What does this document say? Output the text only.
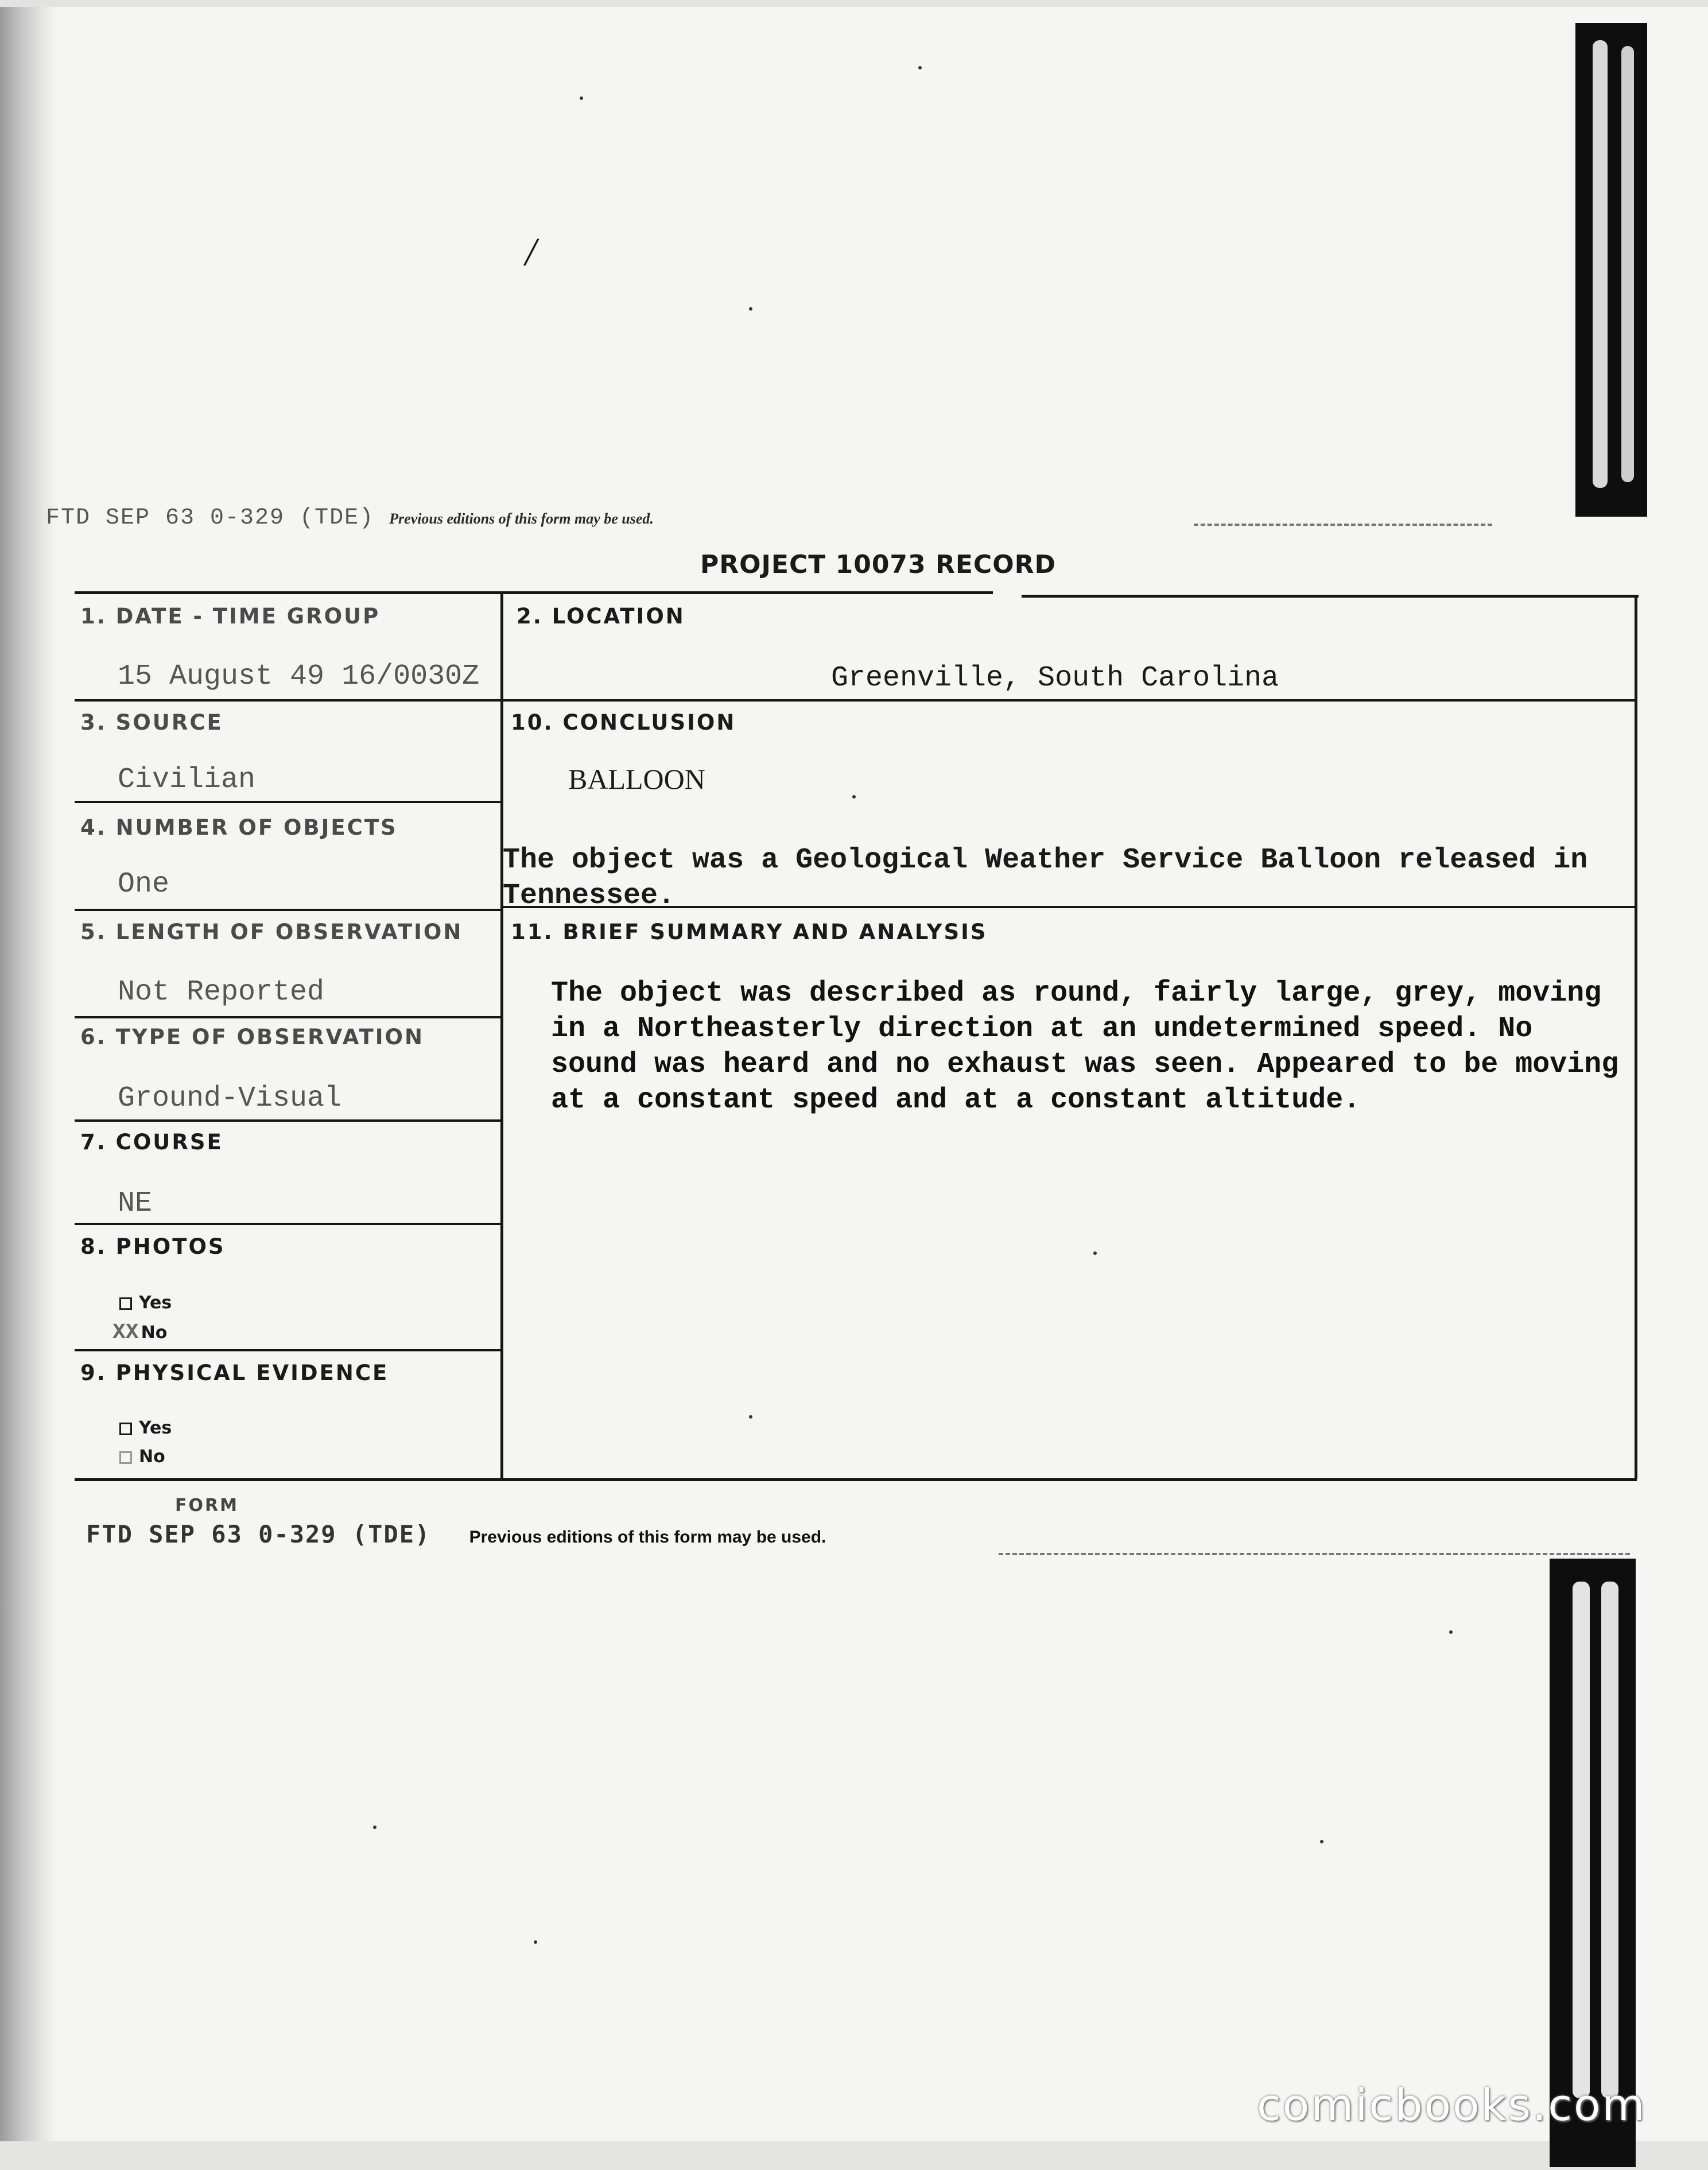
/
FTD SEP 63 0-329 (TDE) Previous editions of this form may be used.
PROJECT 10073 RECORD
1. DATE - TIME GROUP
15 August 49 16/0030Z
2. LOCATION
Greenville, South Carolina
3. SOURCE
Civilian
10. CONCLUSION
BALLOON
The object was a Geological Weather Service Balloon released in Tennessee.
4. NUMBER OF OBJECTS
One
5. LENGTH OF OBSERVATION
Not Reported
11. BRIEF SUMMARY AND ANALYSIS
The object was described as round, fairly large, grey, moving
in a Northeasterly direction at an undetermined speed. No
sound was heard and no exhaust was seen. Appeared to be moving
at a constant speed and at a constant altitude.
6. TYPE OF OBSERVATION
Ground-Visual
7. COURSE
NE
8. PHOTOS
Yes
XX No
9. PHYSICAL EVIDENCE
Yes
No
FORM
FTD SEP 63 0-329 (TDE) Previous editions of this form may be used.
comicbooks.com
